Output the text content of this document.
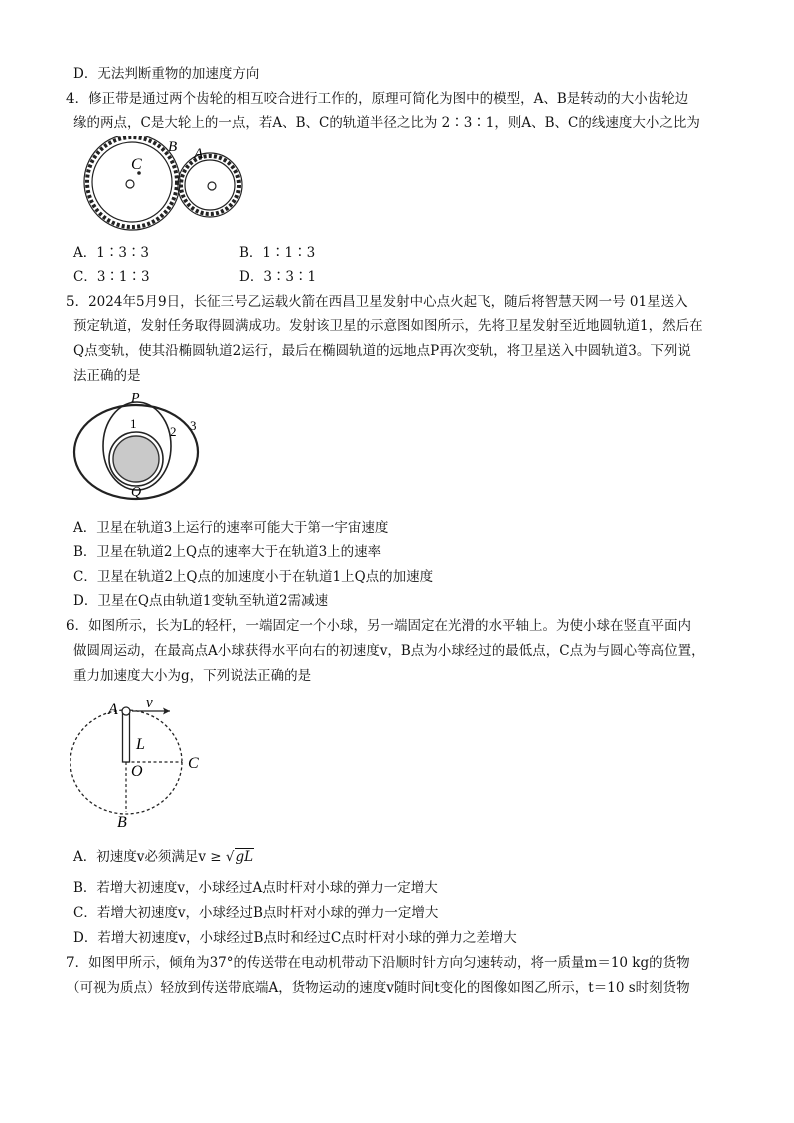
D．无法判断重物的加速度方向
4．修正带是通过两个齿轮的相互咬合进行工作的，原理可简化为图中的模型，A、B是转动的大小齿轮边
缘的两点，C是大轮上的一点，若A、B、C的轨道半径之比为 2∶3∶1，则A、B、C的线速度大小之比为
C
B A
A．1∶3∶3	B．1∶1∶3
C．3∶1∶3	D．3∶3∶1
5．2024年5月9日，长征三号乙运载火箭在西昌卫星发射中心点火起飞，随后将智慧天网一号 01星送入
预定轨道，发射任务取得圆满成功。发射该卫星的示意图如图所示，先将卫星发射至近地圆轨道1，然后在
Q点变轨，使其沿椭圆轨道2运行，最后在椭圆轨道的远地点P再次变轨，将卫星送入中圆轨道3。下列说
法正确的是
P
Q
1
2 3
A．卫星在轨道3上运行的速率可能大于第一宇宙速度
B．卫星在轨道2上Q点的速率大于在轨道3上的速率
C．卫星在轨道2上Q点的加速度小于在轨道1上Q点的加速度
D．卫星在Q点由轨道1变轨至轨道2需减速
6．如图所示，长为L的轻杆，一端固定一个小球，另一端固定在光滑的水平轴上。为使小球在竖直平面内
做圆周运动，在最高点A小球获得水平向右的初速度v，B点为小球经过的最低点，C点为与圆心等高位置，
重力加速度大小为g，下列说法正确的是
A v
L
O	C
B
A．初速度v必须满足v ≥ √gL
B．若增大初速度v，小球经过A点时杆对小球的弹力一定增大
C．若增大初速度v，小球经过B点时杆对小球的弹力一定增大
D．若增大初速度v，小球经过B点时和经过C点时杆对小球的弹力之差增大
7．如图甲所示，倾角为37°的传送带在电动机带动下沿顺时针方向匀速转动，将一质量m＝10 kg的货物
（可视为质点）轻放到传送带底端A，货物运动的速度v随时间t变化的图像如图乙所示，t＝10 s时刻货物
